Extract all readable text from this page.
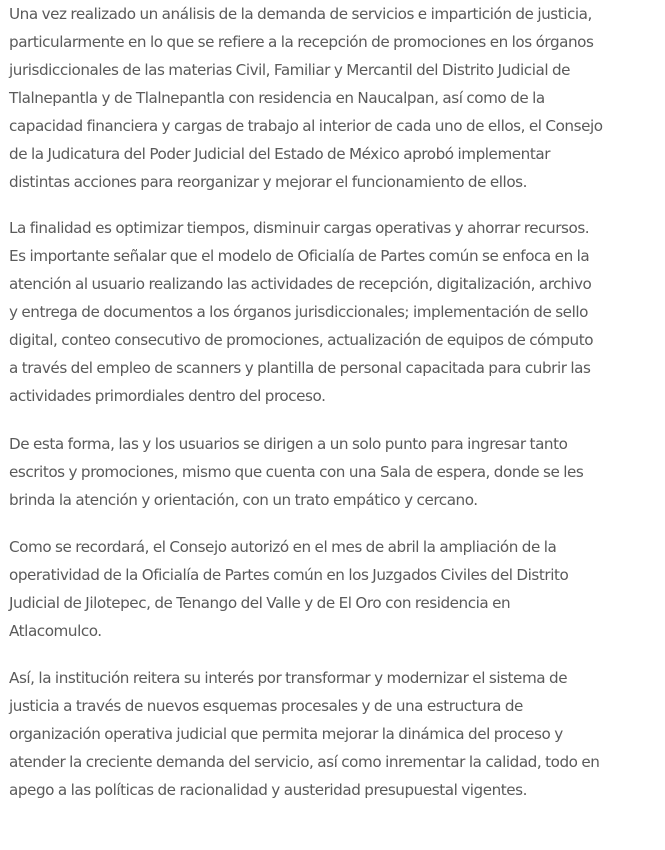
Una vez realizado un análisis de la demanda de servicios e impartición de justicia,
particularmente en lo que se refiere a la recepción de promociones en los órganos
jurisdiccionales de las materias Civil, Familiar y Mercantil del Distrito Judicial de
Tlalnepantla y de Tlalnepantla con residencia en Naucalpan, así como de la
capacidad financiera y cargas de trabajo al interior de cada uno de ellos, el Consejo
de la Judicatura del Poder Judicial del Estado de México aprobó implementar
distintas acciones para reorganizar y mejorar el funcionamiento de ellos.

La finalidad es optimizar tiempos, disminuir cargas operativas y ahorrar recursos.
Es importante señalar que el modelo de Oficialía de Partes común se enfoca en la
atención al usuario realizando las actividades de recepción, digitalización, archivo
y entrega de documentos a los órganos jurisdiccionales; implementación de sello
digital, conteo consecutivo de promociones, actualización de equipos de cómputo
a través del empleo de scanners y plantilla de personal capacitada para cubrir las
actividades primordiales dentro del proceso.

De esta forma, las y los usuarios se dirigen a un solo punto para ingresar tanto
escritos y promociones, mismo que cuenta con una Sala de espera, donde se les
brinda la atención y orientación, con un trato empático y cercano.

Como se recordará, el Consejo autorizó en el mes de abril la ampliación de la
operatividad de la Oficialía de Partes común en los Juzgados Civiles del Distrito
Judicial de Jilotepec, de Tenango del Valle y de El Oro con residencia en
Atlacomulco.

Así, la institución reitera su interés por transformar y modernizar el sistema de
justicia a través de nuevos esquemas procesales y de una estructura de
organización operativa judicial que permita mejorar la dinámica del proceso y
atender la creciente demanda del servicio, así como inrementar la calidad, todo en
apego a las políticas de racionalidad y austeridad presupuestal vigentes.
